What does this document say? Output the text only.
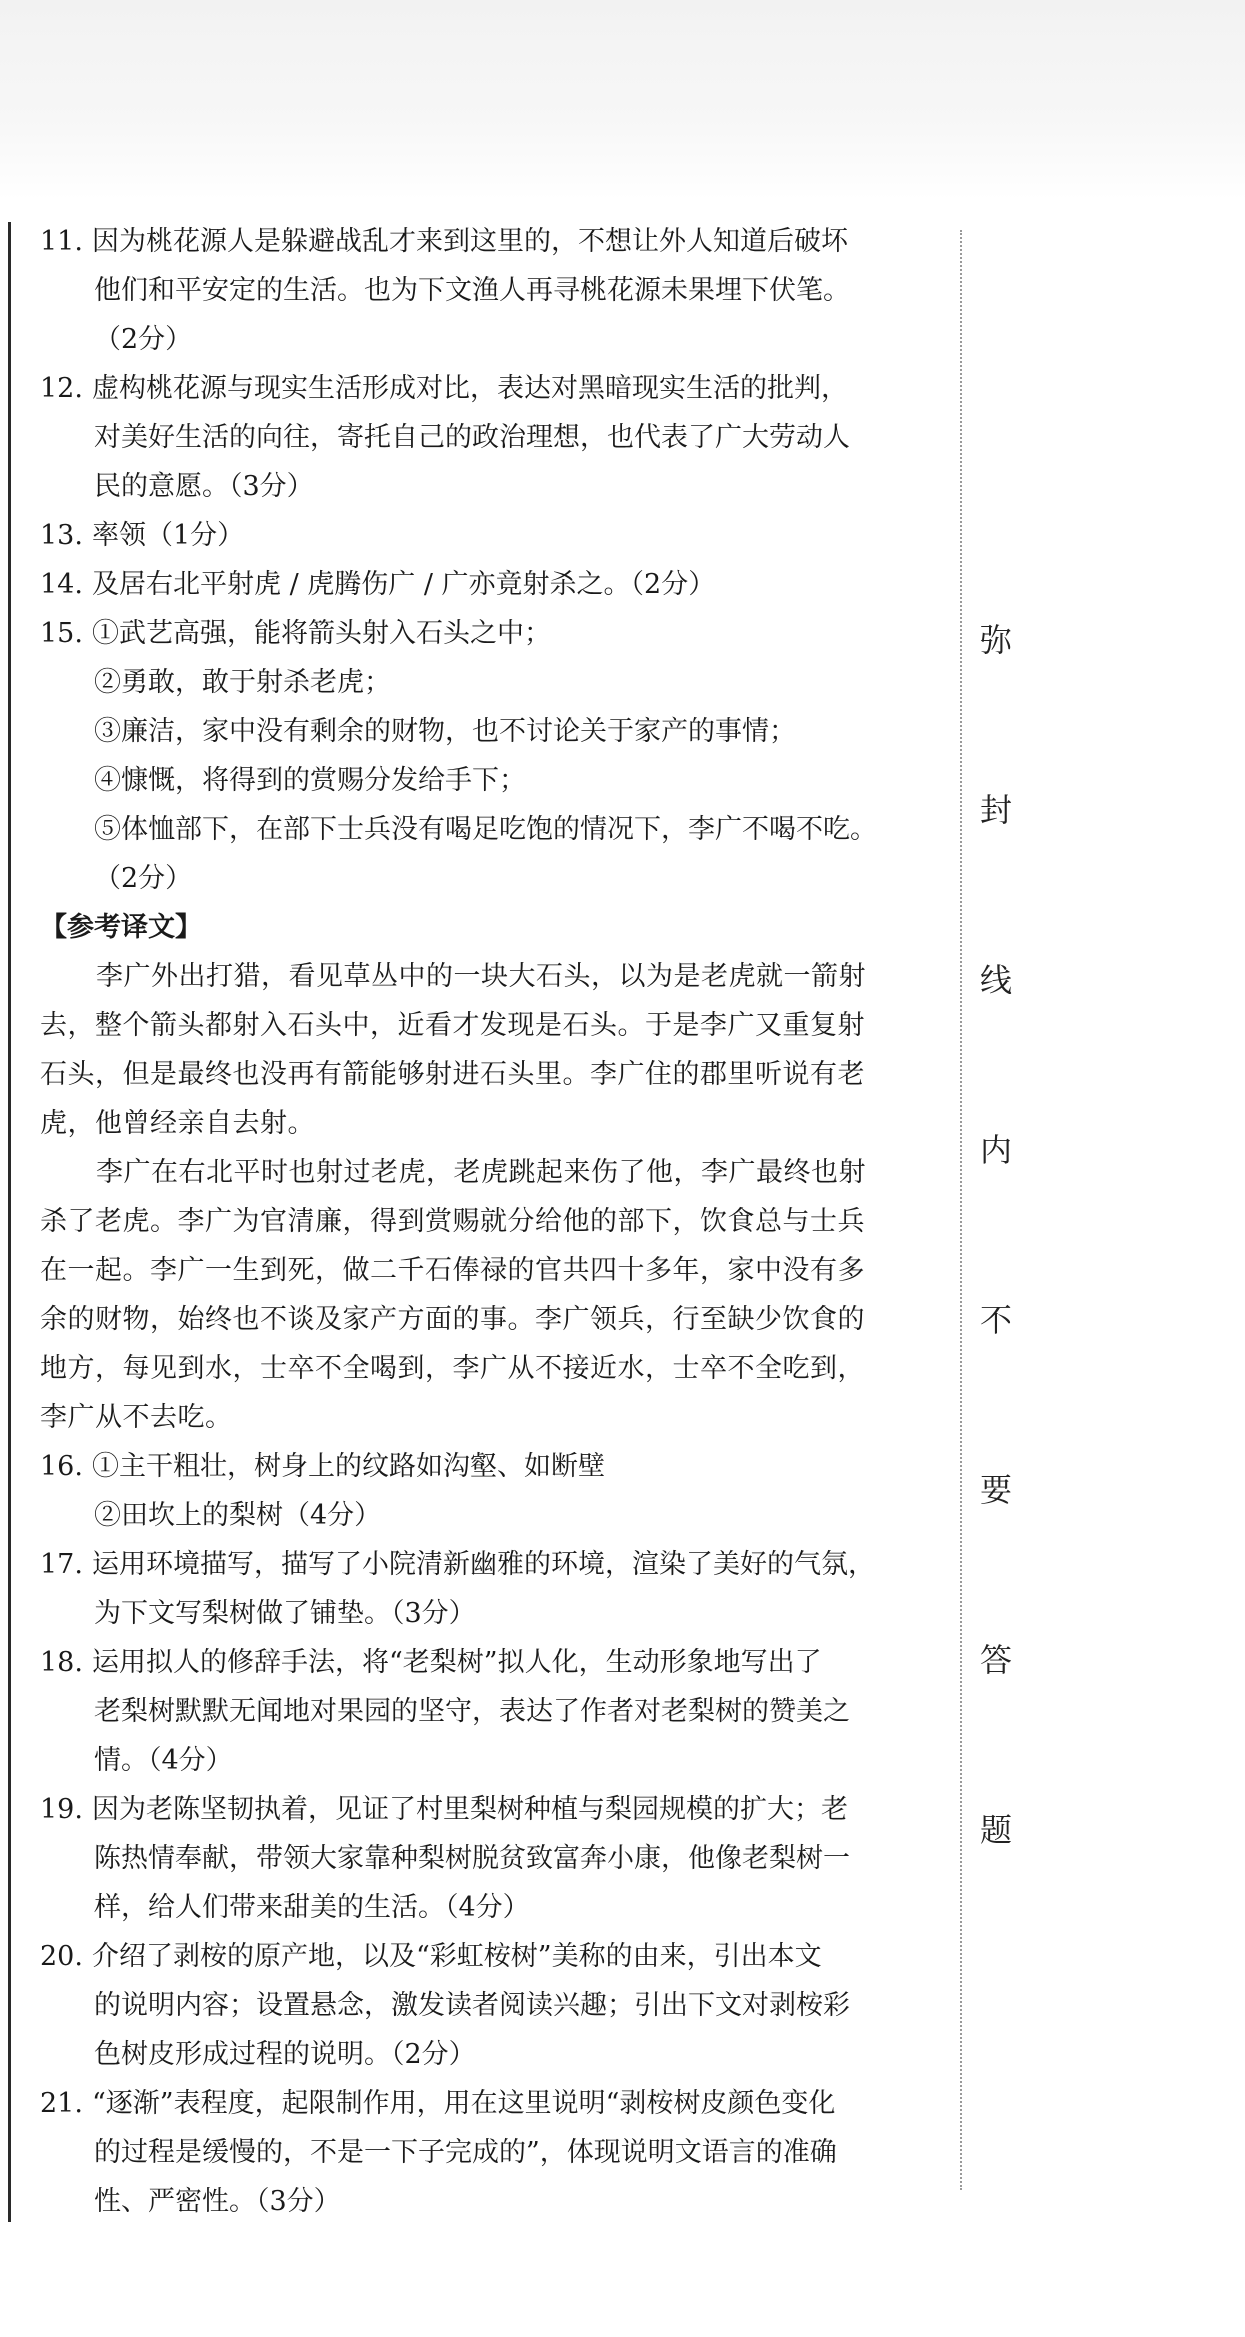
弥
封
线
内
不
要
答
题
11. 因为桃花源人是躲避战乱才来到这里的，不想让外人知道后破坏
他们和平安定的生活。也为下文渔人再寻桃花源未果埋下伏笔。
（2分）
12. 虚构桃花源与现实生活形成对比，表达对黑暗现实生活的批判，
对美好生活的向往，寄托自己的政治理想，也代表了广大劳动人
民的意愿。（3分）
13. 率领（1分）
14. 及居右北平射虎 / 虎腾伤广 / 广亦竟射杀之。（2分）
15. ①武艺高强，能将箭头射入石头之中；
②勇敢，敢于射杀老虎；
③廉洁，家中没有剩余的财物，也不讨论关于家产的事情；
④慷慨，将得到的赏赐分发给手下；
⑤体恤部下，在部下士兵没有喝足吃饱的情况下，李广不喝不吃。
（2分）
【参考译文】
李广外出打猎，看见草丛中的一块大石头，以为是老虎就一箭射
去，整个箭头都射入石头中，近看才发现是石头。于是李广又重复射
石头，但是最终也没再有箭能够射进石头里。李广住的郡里听说有老
虎，他曾经亲自去射。
李广在右北平时也射过老虎，老虎跳起来伤了他，李广最终也射
杀了老虎。李广为官清廉，得到赏赐就分给他的部下，饮食总与士兵
在一起。李广一生到死，做二千石俸禄的官共四十多年，家中没有多
余的财物，始终也不谈及家产方面的事。李广领兵，行至缺少饮食的
地方，每见到水，士卒不全喝到，李广从不接近水，士卒不全吃到，
李广从不去吃。
16. ①主干粗壮，树身上的纹路如沟壑、如断壁
②田坎上的梨树（4分）
17. 运用环境描写，描写了小院清新幽雅的环境，渲染了美好的气氛，
为下文写梨树做了铺垫。（3分）
18. 运用拟人的修辞手法，将“老梨树”拟人化，生动形象地写出了
老梨树默默无闻地对果园的坚守，表达了作者对老梨树的赞美之
情。（4分）
19. 因为老陈坚韧执着，见证了村里梨树种植与梨园规模的扩大；老
陈热情奉献，带领大家靠种梨树脱贫致富奔小康，他像老梨树一
样，给人们带来甜美的生活。（4分）
20. 介绍了剥桉的原产地，以及“彩虹桉树”美称的由来，引出本文
的说明内容；设置悬念，激发读者阅读兴趣；引出下文对剥桉彩
色树皮形成过程的说明。（2分）
21. “逐渐”表程度，起限制作用，用在这里说明“剥桉树皮颜色变化
的过程是缓慢的，不是一下子完成的”，体现说明文语言的准确
性、严密性。（3分）
